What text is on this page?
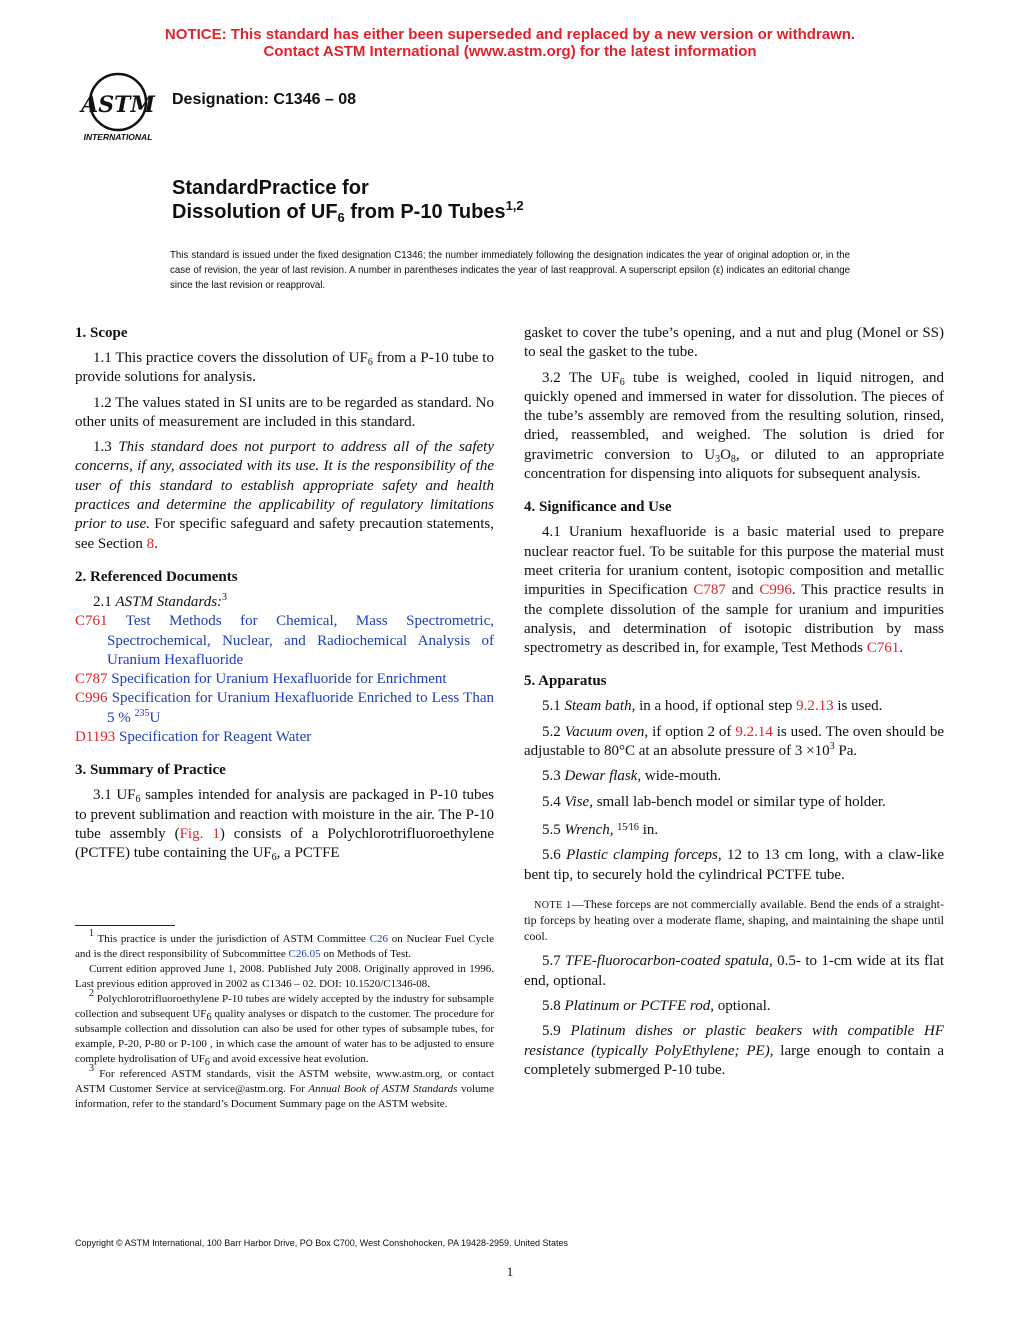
NOTICE: This standard has either been superseded and replaced by a new version or withdrawn.
Contact ASTM International (www.astm.org) for the latest information
ASTM
INTERNATIONAL
Designation: C1346 – 08
StandardPractice for
Dissolution of $UF_6$ from P-10 Tubes$^{1,2}$
This standard is issued under the fixed designation C1346; the number immediately following the designation indicates the year of original adoption or, in the case of revision, the year of last revision. A number in parentheses indicates the year of last reapproval. A superscript epsilon (ε) indicates an editorial change since the last revision or reapproval.
1. Scope

1.1 This practice covers the dissolution of $UF_6$ from a P-10 tube to provide solutions for analysis.

1.2 The values stated in SI units are to be regarded as standard. No other units of measurement are included in this standard.

1.3 This standard does not purport to address all of the safety concerns, if any, associated with its use. It is the responsibility of the user of this standard to establish appropriate safety and health practices and determine the applicability of regulatory limitations prior to use. For specific safeguard and safety precaution statements, see Section 8.

2. Referenced Documents

2.1 ASTM Standards:$^3$

C761 Test Methods for Chemical, Mass Spectrometric, Spectrochemical, Nuclear, and Radiochemical Analysis of Uranium Hexafluoride

C787 Specification for Uranium Hexafluoride for Enrichment

C996 Specification for Uranium Hexafluoride Enriched to Less Than 5 % $^{235}$U

D1193 Specification for Reagent Water

3. Summary of Practice

3.1 $UF_6$ samples intended for analysis are packaged in P-10 tubes to prevent sublimation and reaction with moisture in the air. The P-10 tube assembly (Fig. 1) consists of a Polychlorotrifluoroethylene (PCTFE) tube containing the $UF_6$, a PCTFE

$^1$ This practice is under the jurisdiction of ASTM Committee C26 on Nuclear Fuel Cycle and is the direct responsibility of Subcommittee C26.05 on Methods of Test.

Current edition approved June 1, 2008. Published July 2008. Originally approved in 1996. Last previous edition approved in 2002 as C1346 – 02. DOI: 10.1520/C1346-08.

$^2$ Polychlorotrifluoroethylene P-10 tubes are widely accepted by the industry for subsample collection and subsequent $UF_6$ quality analyses or dispatch to the customer. The procedure for subsample collection and dissolution can also be used for other types of subsample tubes, for example, P-20, P-80 or P-100 , in which case the amount of water has to be adjusted to ensure complete hydrolisation of $UF_6$ and avoid excessive heat evolution.

$^3$ For referenced ASTM standards, visit the ASTM website, www.astm.org, or contact ASTM Customer Service at service@astm.org. For Annual Book of ASTM Standards volume information, refer to the standard’s Document Summary page on the ASTM website.

gasket to cover the tube’s opening, and a nut and plug (Monel or SS) to seal the gasket to the tube.

3.2 The $UF_6$ tube is weighed, cooled in liquid nitrogen, and quickly opened and immersed in water for dissolution. The pieces of the tube’s assembly are removed from the resulting solution, rinsed, dried, reassembled, and weighed. The solution is dried for gravimetric conversion to $U_3O_8$, or diluted to an appropriate concentration for dispensing into aliquots for subsequent analysis.

4. Significance and Use

4.1 Uranium hexafluoride is a basic material used to prepare nuclear reactor fuel. To be suitable for this purpose the material must meet criteria for uranium content, isotopic composition and metallic impurities in Specification C787 and C996. This practice results in the complete dissolution of the sample for uranium and impurities analysis, and determination of isotopic distribution by mass spectrometry as described in, for example, Test Methods C761.

5. Apparatus

5.1 Steam bath, in a hood, if optional step 9.2.13 is used.

5.2 Vacuum oven, if option 2 of 9.2.14 is used. The oven should be adjustable to 80°C at an absolute pressure of $3 \times 10^3$ Pa.

5.3 Dewar flask, wide-mouth.

5.4 Vise, small lab-bench model or similar type of holder.

5.5 Wrench, $^{15⁄16}$ in.

5.6 Plastic clamping forceps, 12 to 13 cm long, with a claw-like bent tip, to securely hold the cylindrical PCTFE tube.

NOTE 1—These forceps are not commercially available. Bend the ends of a straight-tip forceps by heating over a moderate flame, shaping, and maintaining the shape until cool.

5.7 TFE-fluorocarbon-coated spatula, 0.5- to 1-cm wide at its flat end, optional.

5.8 Platinum or PCTFE rod, optional.

5.9 Platinum dishes or plastic beakers with compatible HF resistance (typically PolyEthylene; PE), large enough to contain a completely submerged P-10 tube.

Copyright © ASTM International, 100 Barr Harbor Drive, PO Box C700, West Conshohocken, PA 19428-2959. United States
1
